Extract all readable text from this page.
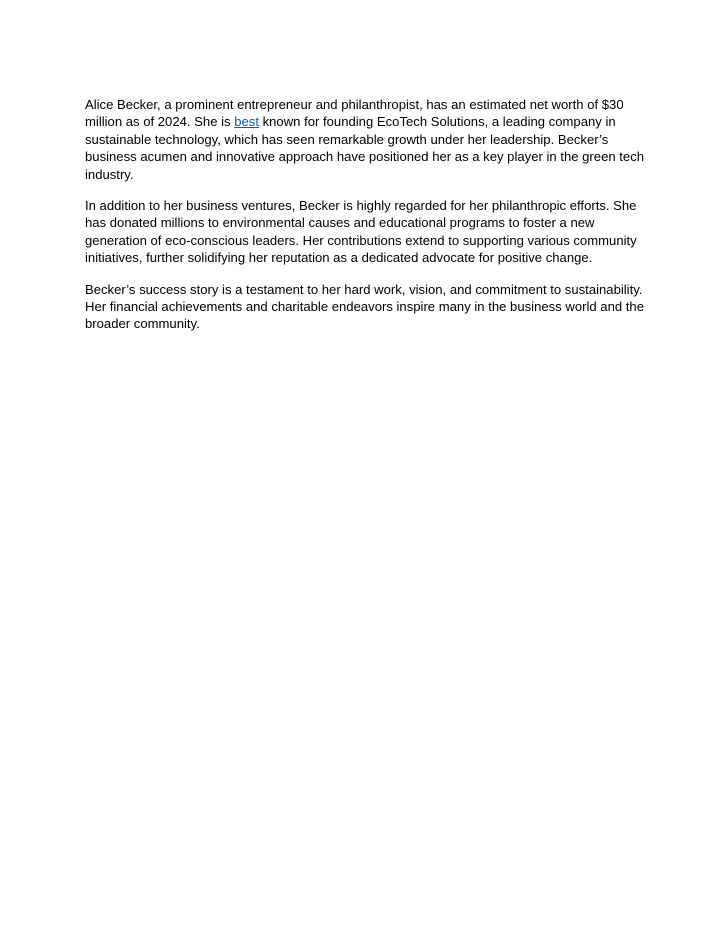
Alice Becker, a prominent entrepreneur and philanthropist, has an estimated net worth of $30 million as of 2024. She is best known for founding EcoTech Solutions, a leading company in sustainable technology, which has seen remarkable growth under her leadership. Becker’s business acumen and innovative approach have positioned her as a key player in the green tech industry.

In addition to her business ventures, Becker is highly regarded for her philanthropic efforts. She has donated millions to environmental causes and educational programs to foster a new generation of eco-conscious leaders. Her contributions extend to supporting various community initiatives, further solidifying her reputation as a dedicated advocate for positive change.

Becker’s success story is a testament to her hard work, vision, and commitment to sustainability. Her financial achievements and charitable endeavors inspire many in the business world and the broader community.
